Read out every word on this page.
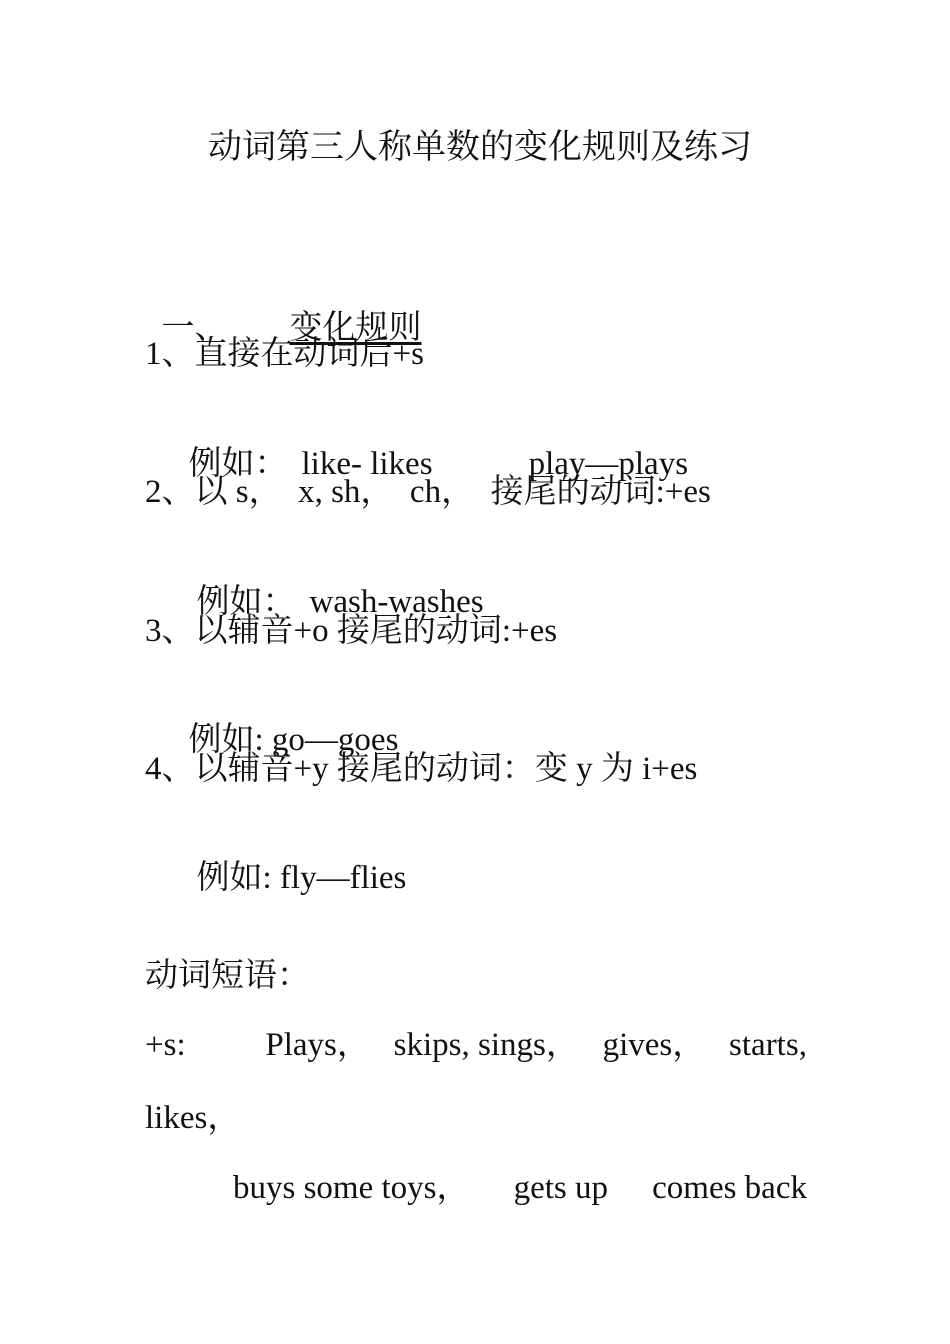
动词第三人称单数的变化规则及练习

一、 变化规则

1、直接在动词后+s

例如： like- likes	play—plays

2、以 s，  x, sh，  ch，  接尾的动词:+es

例如： wash-washes

3、以辅音+o 接尾的动词:+es

例如: go—goes

4、以辅音+y 接尾的动词：变 y 为 i+es

例如: fly—flies

动词短语：
+s: Plays， skips, sings， gives， starts,
likes，
buys some toys， gets up comes back
